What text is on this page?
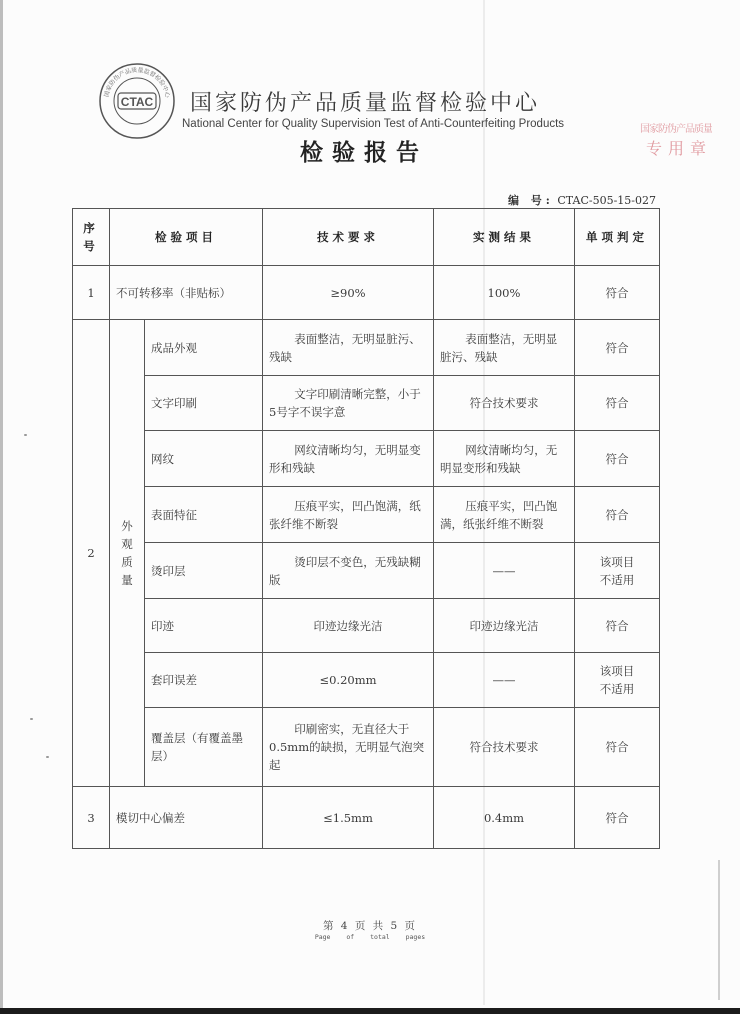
国家防伪产品质量监督检验中心
CTAC 国家防伪产品质量监督检验中心
National Center for Quality Supervision Test of Anti-Counterfeiting Products
检验报告
国家防伪产品质量
专用章
编 号: CTAC-505-15-027
序号	检验项目		技术要求	实测结果	单项判定
1	不可转移率（非贴标）		≥90%	100%	符合
2	外观质量	成品外观	表面整洁，无明显脏污、残缺	表面整洁，无明显脏污、残缺	符合
		文字印刷	文字印刷清晰完整，小于5号字不误字意	符合技术要求	符合
		网纹	网纹清晰均匀，无明显变形和残缺	网纹清晰均匀，无明显变形和残缺	符合
		表面特征	压痕平实，凹凸饱满，纸张纤维不断裂	压痕平实，凹凸饱满，纸张纤维不断裂	符合
		烫印层	烫印层不变色，无残缺糊版	——	该项目不适用

		印迹	印迹边缘光洁	印迹边缘光洁	符合
		套印误差	≤0.20mm	——	该项目不适用

		覆盖层（有覆盖墨层）	印刷密实，无直径大于0.5mm的缺损，无明显气泡突起	符合技术要求	符合
3	模切中心偏差		≤1.5mm	0.4mm	符合
第 4 页 共 5 页
Page of total pages
